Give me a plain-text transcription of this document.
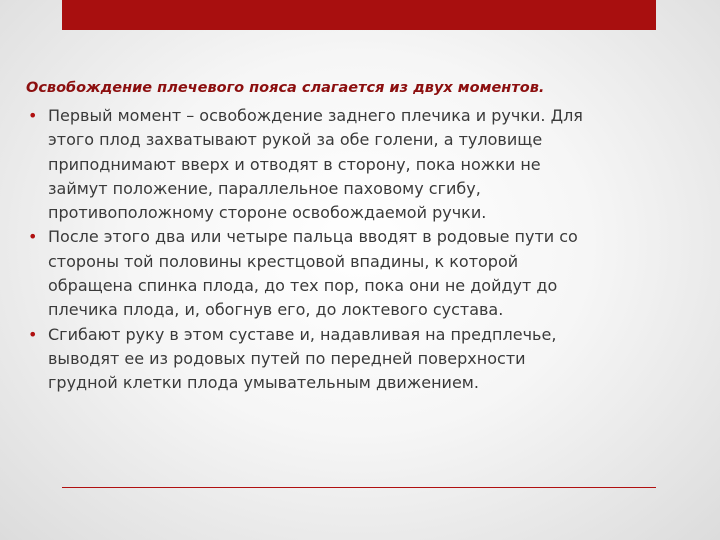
Освобождение плечевого пояса слагается из двух моментов.

• Первый момент – освобождение заднего плечика и ручки. Для этого плод захватывают рукой за обе голени, а туловище приподнимают вверх и отводят в сторону, пока ножки не займут положение, параллельное паховому сгибу, противоположному стороне освобождаемой ручки.
• После этого два или четыре пальца вводят в родовые пути со стороны той половины крестцовой впадины, к которой обращена спинка плода, до тех пор, пока они не дойдут до плечика плода, и, обогнув его, до локтевого сустава.
• Сгибают руку в этом суставе и, надавливая на предплечье, выводят ее из родовых путей по передней поверхности грудной клетки плода умывательным движением.
